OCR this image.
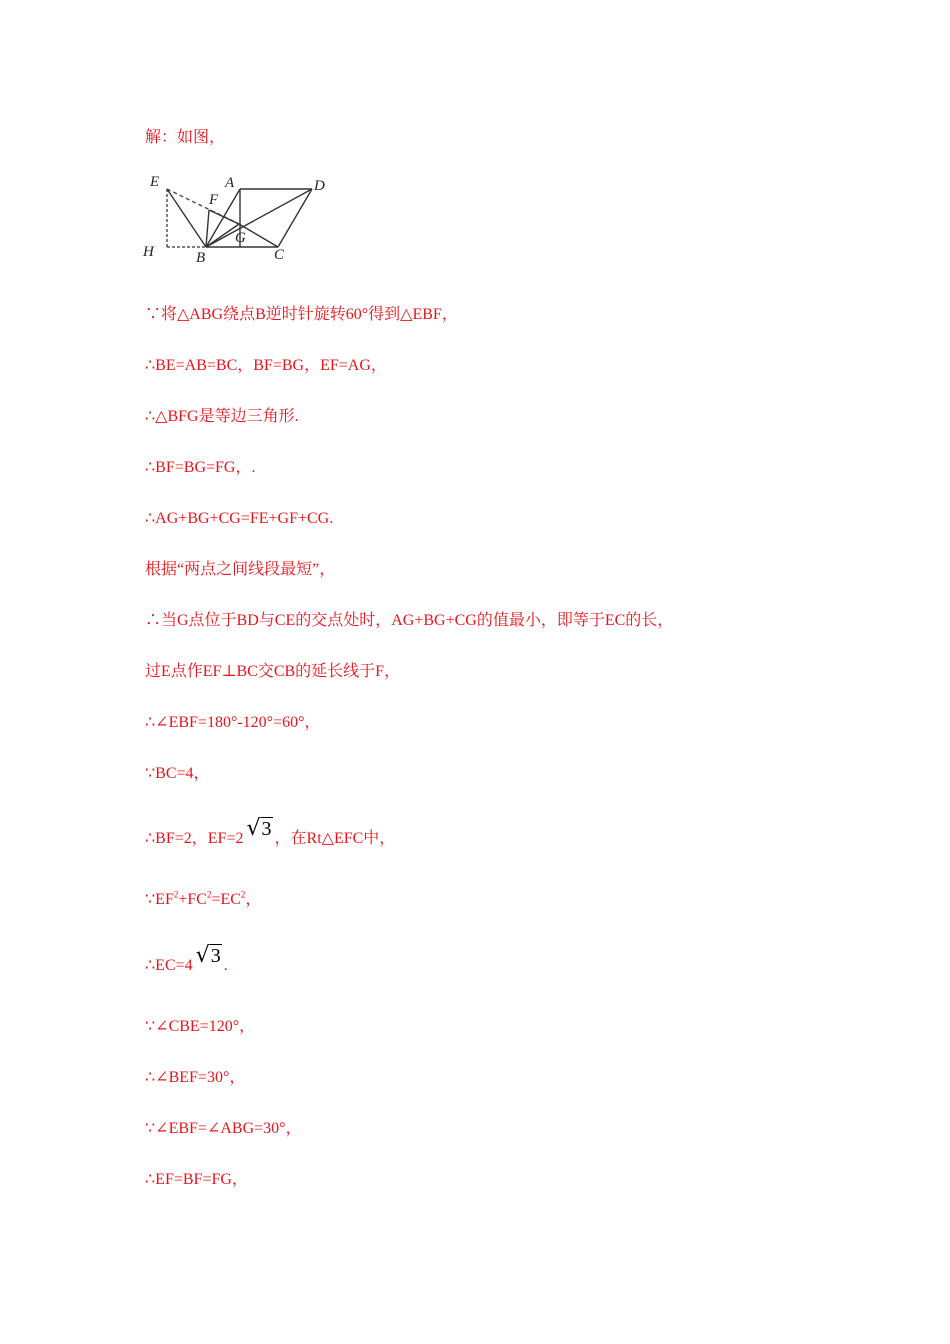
解：如图，
E
F
A	D
G
H	B	C
∵将△ABG绕点B逆时针旋转60°得到△EBF，
∴BE=AB=BC，BF=BG，EF=AG，
∴△BFG是等边三角形.
∴BF=BG=FG，.
∴AG+BG+CG=FE+GF+CG.
根据“两点之间线段最短”，
∴当G点位于BD与CE的交点处时，AG+BG+CG的值最小，即等于EC的长，
过E点作EF⊥BC交CB的延长线于F，
∴∠EBF=180°-120°=60°，
∵BC=4，
∴BF=2，EF=2 √3 ，在Rt△EFC中，
$\because EF^2+FC^2=EC^2$，
∴EC=4 √3 .
∵∠CBE=120°，
∴∠BEF=30°，
∵∠EBF=∠ABG=30°，
∴EF=BF=FG，
